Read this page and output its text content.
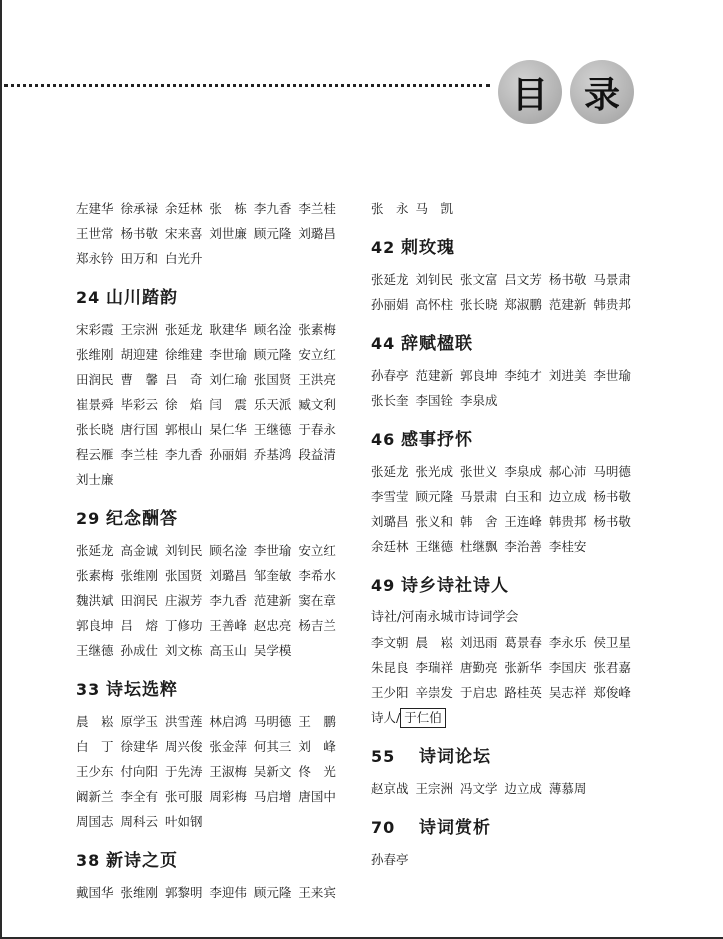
目 录

左建华 徐承禄 余廷林 张　栋 李九香 李兰桂

王世常 杨书敬 宋来喜 刘世廉 顾元隆 刘璐昌

郑永钤 田万和 白光升

24 山川踏韵

宋彩霞 王宗洲 张延龙 耿建华 顾名淦 张素梅

张维刚 胡迎建 徐维建 李世瑜 顾元隆 安立红

田润民 曹　馨 吕　奇 刘仁瑜 张国贤 王洪亮

崔景舜 毕彩云 徐　焰 闫　震 乐天派 臧文利

张长晓 唐行国 郭根山 杲仁华 王继德 于春永

程云雁 李兰桂 李九香 孙丽娟 乔基鸿 段益清

刘士廉

29 纪念酬答

张延龙 高金诚 刘钊民 顾名淦 李世瑜 安立红

张素梅 张维刚 张国贤 刘璐昌 邹奎敏 李希水

魏洪斌 田润民 庄淑芳 李九香 范建新 窦在章

郭良坤 吕　熔 丁修功 王善峰 赵忠亮 杨吉兰

王继德 孙成仕 刘文栋 高玉山 吴学模

33 诗坛选粹

晨　崧 原学玉 洪雪莲 林启鸿 马明德 王　鹏

白　丁 徐建华 周兴俊 张金萍 何其三 刘　峰

王少东 付向阳 于先涛 王淑梅 吴新文 佟　光

阚新兰 李全有 张可服 周彩梅 马启增 唐国中

周国志 周科云 叶如钢

38 新诗之页

戴国华 张维刚 郭黎明 李迎伟 顾元隆 王来宾

张　永 马　凯

42 刺玫瑰

张延龙 刘钊民 张文富 吕文芳 杨书敬 马景肃

孙丽娟 高怀柱 张长晓 郑淑鹏 范建新 韩贵邦

44 辞赋楹联

孙春亭 范建新 郭良坤 李纯才 刘进美 李世瑜

张长奎 李国铨 李泉成

46 感事抒怀

张延龙 张光成 张世义 李泉成 郝心沛 马明德

李雪莹 顾元隆 马景肃 白玉和 边立成 杨书敬

刘璐昌 张义和 韩　舍 王连峰 韩贵邦 杨书敬

余廷林 王继德 杜继飘 李治善 李桂安

49 诗乡诗社诗人

诗社/河南永城市诗词学会

李文朝 晨　崧 刘迅雨 葛景春 李永乐 侯卫星

朱昆良 李瑞祥 唐勤亮 张新华 李国庆 张君嘉

王少阳 辛崇发 于启忠 路桂英 吴志祥 郑俊峰

诗人/ 于仁伯

55	诗词论坛

赵京战 王宗洲 冯文学 边立成 薄慕周

70	诗词赏析

孙春亭
